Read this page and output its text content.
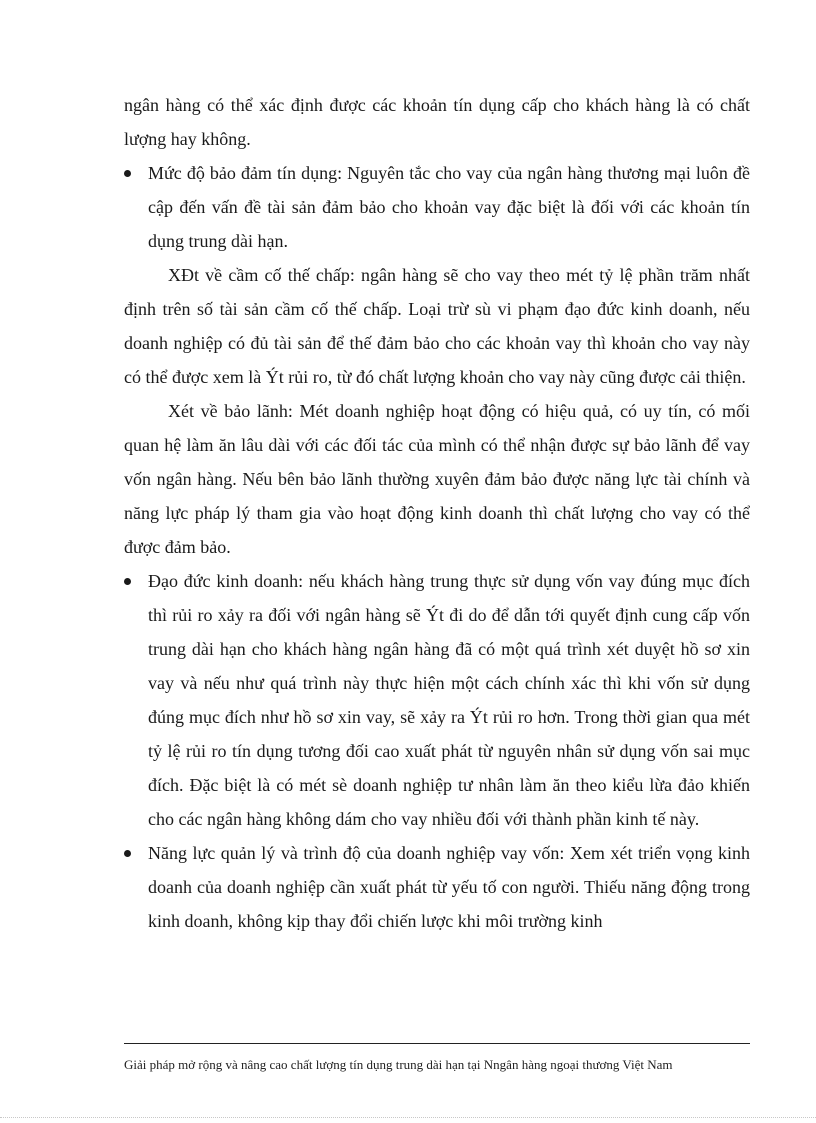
ngân hàng có thể xác định được các khoản tín dụng cấp cho khách hàng là có chất lượng hay không.

Mức độ bảo đảm tín dụng: Nguyên tắc cho vay của ngân hàng thương mại luôn đề cập đến vấn đề tài sản đảm bảo cho khoản vay đặc biệt là đối với các khoản tín dụng trung dài hạn.

XÐt về cầm cố thế chấp: ngân hàng sẽ cho vay theo mét tỷ lệ phần trăm nhất định trên số tài sản cầm cố thế chấp. Loại trừ sù vi phạm đạo đức kinh doanh, nếu doanh nghiệp có đủ tài sản để thế đảm bảo cho các khoản vay thì khoản cho vay này có thể được xem là Ýt rủi ro, từ đó chất lượng khoản cho vay này cũng được cải thiện.

Xét về bảo lãnh: Mét doanh nghiệp hoạt động có hiệu quả, có uy tín, có mối quan hệ làm ăn lâu dài với các đối tác của mình có thể nhận được sự bảo lãnh để vay vốn ngân hàng. Nếu bên bảo lãnh thường xuyên đảm bảo được năng lực tài chính và năng lực pháp lý tham gia vào hoạt động kinh doanh thì chất lượng cho vay có thể được đảm bảo.

Đạo đức kinh doanh: nếu khách hàng trung thực sử dụng vốn vay đúng mục đích thì rủi ro xảy ra đối với ngân hàng sẽ Ýt đi do để dẫn tới quyết định cung cấp vốn trung dài hạn cho khách hàng ngân hàng đã có một quá trình xét duyệt hồ sơ xin vay và nếu như quá trình này thực hiện một cách chính xác thì khi vốn sử dụng đúng mục đích như hồ sơ xin vay, sẽ xảy ra Ýt rủi ro hơn. Trong thời gian qua mét tỷ lệ rủi ro tín dụng tương đối cao xuất phát từ nguyên nhân sử dụng vốn sai mục đích. Đặc biệt là có mét sè doanh nghiệp tư nhân làm ăn theo kiểu lừa đảo khiến cho các ngân hàng không dám cho vay nhiều đối với thành phần kinh tế này.
Năng lực quản lý và trình độ của doanh nghiệp vay vốn: Xem xét triển vọng kinh doanh của doanh nghiệp cần xuất phát từ yếu tố con người. Thiếu năng động trong kinh doanh, không kịp thay đổi chiến lược khi môi trường kinh
Giải pháp mở rộng và nâng cao chất lượng tín dụng trung dài hạn tại Nngân hàng ngoại thương Việt Nam
